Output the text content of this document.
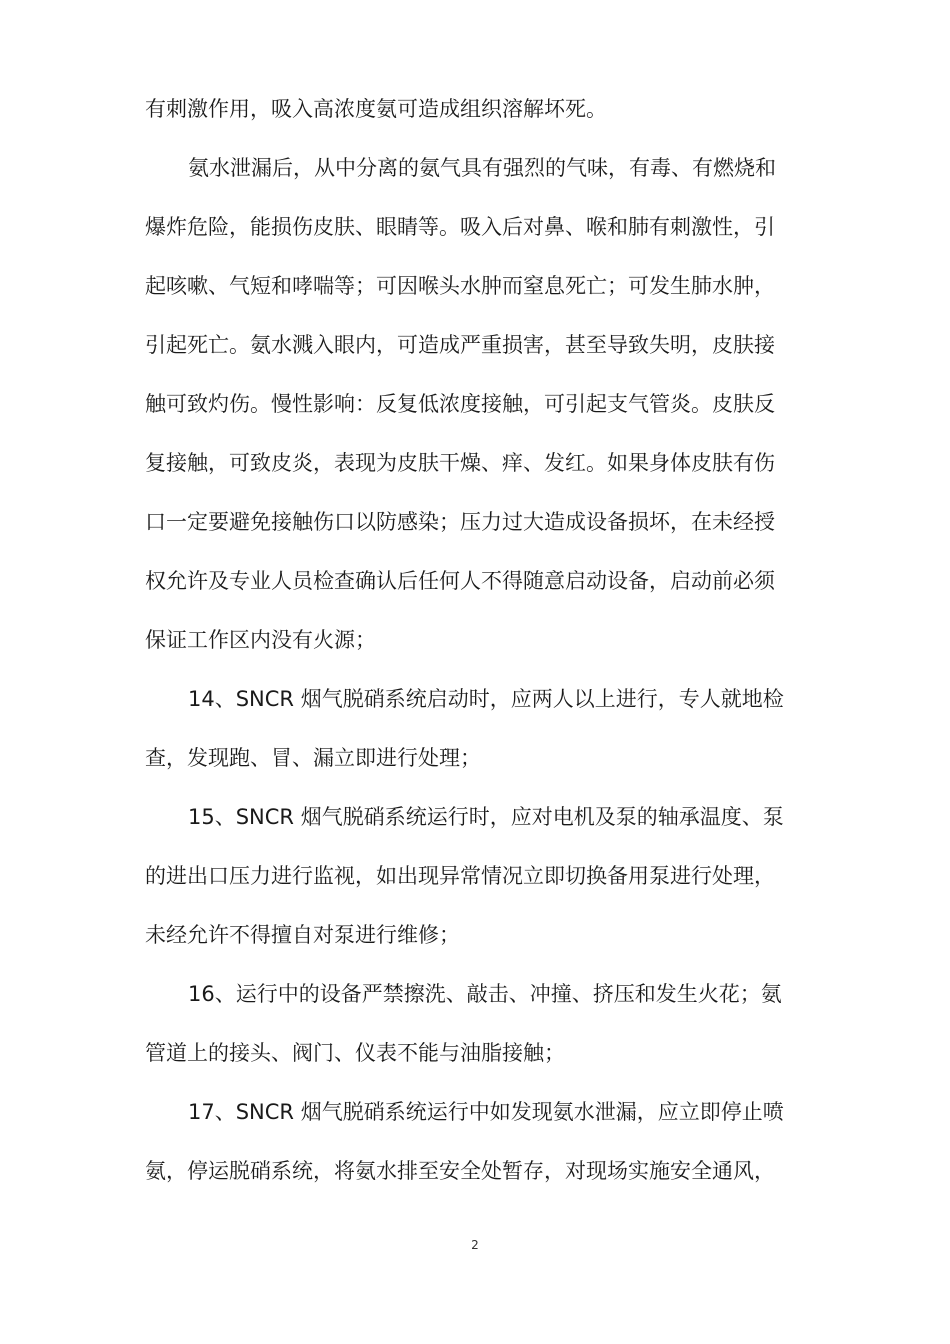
有刺激作用，吸入高浓度氨可造成组织溶解坏死。
氨水泄漏后，从中分离的氨气具有强烈的气味，有毒、有燃烧和
爆炸危险，能损伤皮肤、眼睛等。吸入后对鼻、喉和肺有刺激性，引
起咳嗽、气短和哮喘等；可因喉头水肿而窒息死亡；可发生肺水肿，
引起死亡。氨水溅入眼内，可造成严重损害，甚至导致失明，皮肤接
触可致灼伤。慢性影响：反复低浓度接触，可引起支气管炎。皮肤反
复接触，可致皮炎，表现为皮肤干燥、痒、发红。如果身体皮肤有伤
口一定要避免接触伤口以防感染；压力过大造成设备损坏，在未经授
权允许及专业人员检查确认后任何人不得随意启动设备，启动前必须
保证工作区内没有火源；
14、SNCR 烟气脱硝系统启动时，应两人以上进行，专人就地检
查，发现跑、冒、漏立即进行处理；
15、SNCR 烟气脱硝系统运行时，应对电机及泵的轴承温度、泵
的进出口压力进行监视，如出现异常情况立即切换备用泵进行处理，
未经允许不得擅自对泵进行维修；
16、运行中的设备严禁擦洗、敲击、冲撞、挤压和发生火花；氨
管道上的接头、阀门、仪表不能与油脂接触；
17、SNCR 烟气脱硝系统运行中如发现氨水泄漏，应立即停止喷
氨，停运脱硝系统，将氨水排至安全处暂存，对现场实施安全通风，
2
